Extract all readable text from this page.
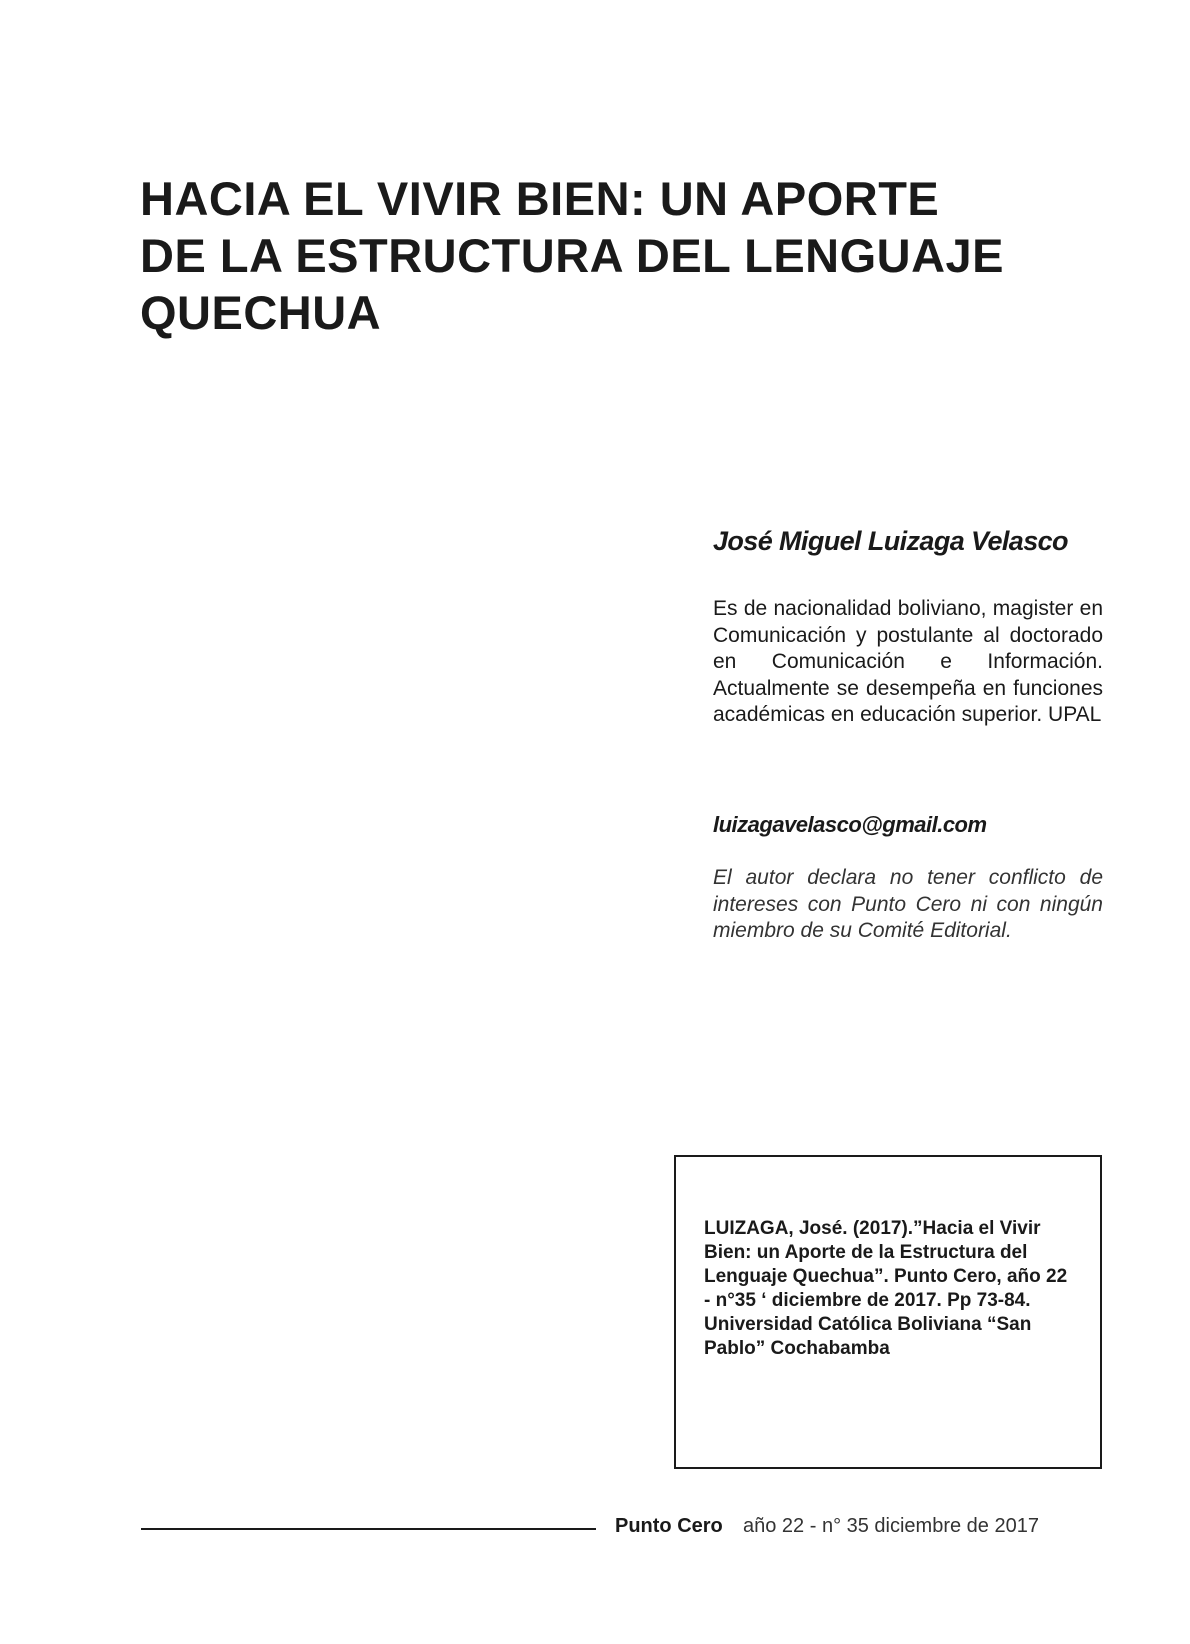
HACIA EL VIVIR BIEN: UN APORTE
DE LA ESTRUCTURA DEL LENGUAJE
QUECHUA
José Miguel Luizaga Velasco

Es de nacionalidad boliviano, magister en Comunicación y postulante al doctorado en Comunicación e Información. Actualmente se desempeña en funciones académicas en educación superior. UPAL

luizagavelasco@gmail.com

El autor declara no tener conflicto de intereses con Punto Cero ni con ningún miembro de su Comité Editorial.

LUIZAGA, José. (2017).”Hacia el Vivir Bien: un Aporte de la Estructura del Lenguaje Quechua”. Punto Cero, año 22 - n°35 ‘ diciembre de 2017. Pp 73-84. Universidad Católica Boliviana “San Pablo” Cochabamba

Punto Cero año 22 - n° 35 diciembre de 2017
